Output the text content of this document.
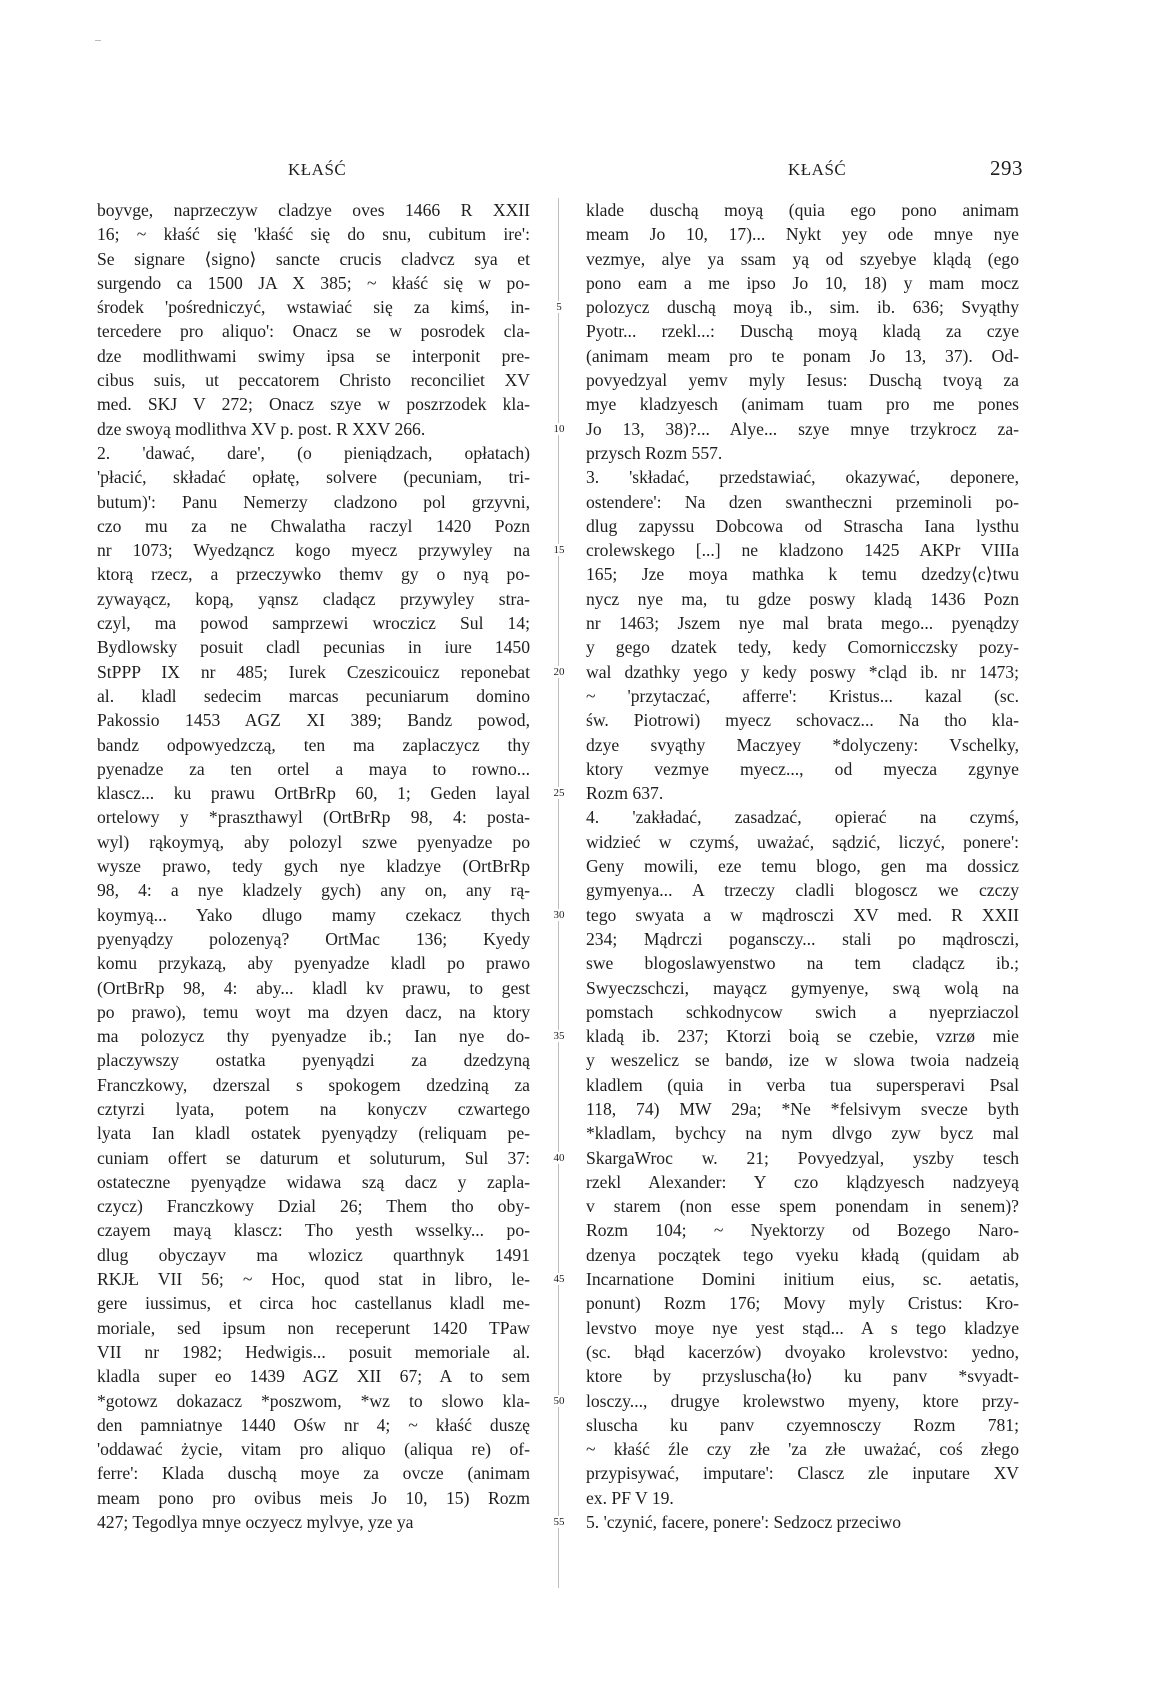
KŁAŚĆ	KŁAŚĆ	293
boyvge, naprzeczyw cladzye oves 1466 R XXII
16; ~ kłaść się 'kłaść się do snu, cubitum ire':
Se signare ⟨signo⟩ sancte crucis cladvcz sya et
surgendo ca 1500 JA X 385; ~ kłaść się w po-
środek 'pośredniczyć, wstawiać się za kimś, in-
tercedere pro aliquo': Onacz se w posrodek cla-
dze modlithwami swimy ipsa se interponit pre-
cibus suis, ut peccatorem Christo reconciliet XV
med. SKJ V 272; Onacz szye w poszrzodek kla-
dze swoyą modlithva XV p. post. R XXV 266.
2. 'dawać, dare', (o pieniądzach, opłatach)
'płacić, składać opłatę, solvere (pecuniam, tri-
butum)': Panu Nemerzy cladzono pol grzyvni,
czo mu za ne Chwalatha raczyl 1420 Pozn
nr 1073; Wyedząncz kogo myecz przywyley na
ktorą rzecz, a przeczywko themv gy o nyą po-
zywayącz, kopą, yąnsz cladącz przywyley stra-
czyl, ma powod samprzewi wroczicz Sul 14;
Bydlowsky posuit cladl pecunias in iure 1450
StPPP IX nr 485; Iurek Czeszicouicz reponebat
al. kladl sedecim marcas pecuniarum domino
Pakossio 1453 AGZ XI 389; Bandz powod,
bandz odpowyedzczą, ten ma zaplaczycz thy
pyenadze za ten ortel a maya to rowno...
klascz... ku prawu OrtBrRp 60, 1; Geden layal
ortelowy y *praszthawyl (OrtBrRp 98, 4: posta-
wyl) rąkoymyą, aby polozyl szwe pyenyadze po
wysze prawo, tedy gych nye kladzye (OrtBrRp
98, 4: a nye kladzely gych) any on, any rą-
koymyą... Yako dlugo mamy czekacz thych
pyenyądzy polozenyą? OrtMac 136; Kyedy
komu przykazą, aby pyenyadze kladl po prawo
(OrtBrRp 98, 4: aby... kladl kv prawu, to gest
po prawo), temu woyt ma dzyen dacz, na ktory
ma polozycz thy pyenyadze ib.; Ian nye do-
placzywszy ostatka pyenyądzi za dzedzyną
Franczkowy, dzerszal s spokogem dzedziną za
cztyrzi lyata, potem na konyczv czwartego
lyata Ian kladl ostatek pyenyądzy (reliquam pe-
cuniam offert se daturum et soluturum, Sul 37:
ostateczne pyenyądze widawa szą dacz y zapla-
czycz) Franczkowy Dzial 26; Them tho oby-
czayem mayą klascz: Tho yesth wsselky... po-
dlug obyczayv ma wlozicz quarthnyk 1491
RKJŁ VII 56; ~ Hoc, quod stat in libro, le-
gere iussimus, et circa hoc castellanus kladl me-
moriale, sed ipsum non receperunt 1420 TPaw
VII nr 1982; Hedwigis... posuit memoriale al.
kladla super eo 1439 AGZ XII 67; A to sem
*gotowz dokazacz *poszwom, *wz to slowo kla-
den pamniatnye 1440 Ośw nr 4; ~ kłaść duszę
'oddawać życie, vitam pro aliquo (aliqua re) of-
ferre': Klada duschą moye za ovcze (animam
meam pono pro ovibus meis Jo 10, 15) Rozm
427; Tegodlya mnye oczyecz mylvye, yze ya
5
10
15
20
25
30
35
40
45
50
55
klade duschą moyą (quia ego pono animam
meam Jo 10, 17)... Nykt yey ode mnye nye
vezmye, alye ya ssam yą od szyebye klądą (ego
pono eam a me ipso Jo 10, 18) y mam mocz
polozycz duschą moyą ib., sim. ib. 636; Svyąthy
Pyotr... rzekl...: Duschą moyą kladą za czye
(animam meam pro te ponam Jo 13, 37). Od-
povyedzyal yemv myly Iesus: Duschą tvoyą za
mye kladzyesch (animam tuam pro me pones
Jo 13, 38)?... Alye... szye mnye trzykrocz za-
przysch Rozm 557.
3. 'składać, przedstawiać, okazywać, deponere,
ostendere': Na dzen swanthecznі przeminoli po-
dlug zapyssu Dobcowa od Strascha Iana lysthu
crolewskego [...] ne kladzono 1425 AKPr VIIIa
165; Jze moya mathka k temu dzedzy⟨c⟩twu
nycz nye ma, tu gdze poswy kladą 1436 Pozn
nr 1463; Jszem nye mal brata mego... pyenądzy
y gego dzatek tedy, kedy Comornicczsky pozy-
wal dzathky yego y kedy poswy *cląd ib. nr 1473;
~ 'przytaczać, afferre': Kristus... kazal (sc.
św. Piotrowi) myecz schovacz... Na tho kla-
dzye svyąthy Maczyey *dolyczeny: Vschelky,
ktory vezmye myecz..., od myecza zgynye
Rozm 637.
4. 'zakładać, zasadzać, opierać na czymś,
widzieć w czymś, uważać, sądzić, liczyć, ponere':
Geny mowili, eze temu blogo, gen ma dossicz
gymyenya... A trzeczy cladli blogoscz we czczy
tego swyata a w mądrosczi XV med. R XXII
234; Mądrczi pogansczy... stali po mądrosczi,
swe blogoslawyenstwo na tem cladącz ib.;
Swyeczschczi, mayącz gymyenye, swą wolą na
pomstach schkodnycow swich a nyeprziaczol
kladą ib. 237; Ktorzi boią se czebie, vzrzø mie
y weszelicz se bandø, ize w slowa twoia nadzeią
kladlem (quia in verba tua supersperavi Psal
118, 74) MW 29a; *Ne *felsivym svecze byth
*kladlam, bychcy na nym dlvgo zyw bycz mal
SkargaWroc w. 21; Povyedzyal, yszby tesch
rzekl Alexander: Y czo klądzyesch nadzyeyą
v starem (non esse spem ponendam in senem)?
Rozm 104; ~ Nyektorzy od Bozego Naro-
dzenya początek tego vyeku kładą (quidam ab
Incarnatione Domini initium eius, sc. aetatis,
ponunt) Rozm 176; Movy myly Cristus: Kro-
levstvo moye nye yest stąd... A s tego kladzye
(sc. błąd kacerzów) dvoyako krolevstvo: yedno,
ktore by przysluscha⟨ło⟩ ku panv *svyadt-
losczy..., drugye krolewstwo myeny, ktore przy-
sluscha ku panv czyemnosczy Rozm 781;
~ kłaść źle czy złe 'za złe uważać, coś złego
przypisywać, imputare': Clascz zle inputare XV
ex. PF V 19.
5. 'czynić, facere, ponere': Sedzocz przeciwo
